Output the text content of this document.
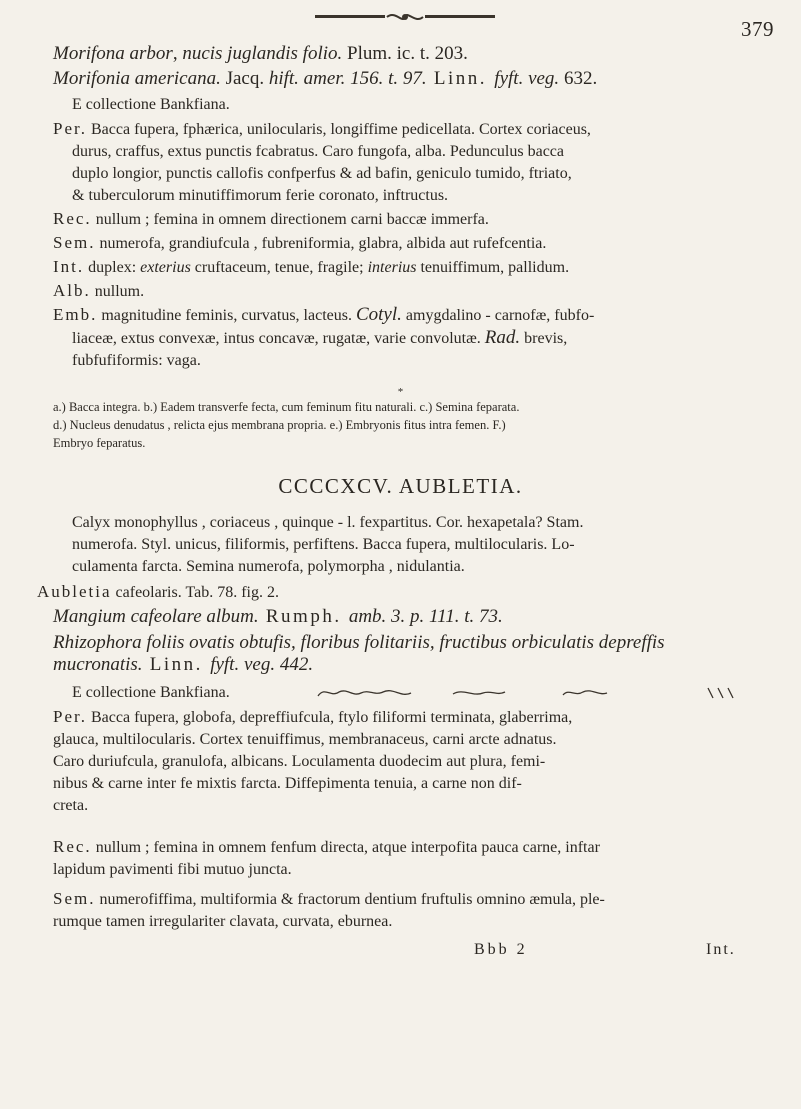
379
Morifona arbor, nucis juglandis folio. Plum. ic. t. 203.
Morifonia americana. Jacq. hift. amer. 156. t. 97. Linn. fyft. veg. 632.
E collectione Bankfiana.
Per. Bacca fupera, fphærica, unilocularis, longiffime pedicellata. Cortex coriaceus,
durus, craffus, extus punctis fcabratus. Caro fungofa, alba. Pedunculus bacca
duplo longior, punctis callofis confperfus & ad bafin, geniculo tumido, ftriato,
& tuberculorum minutiffimorum ferie coronato, inftructus.
Rec. nullum ; femina in omnem directionem carni baccæ immerfa.
Sem. numerofa, grandiufcula , fubreniformia, glabra, albida aut rufefcentia.
Int. duplex: exterius cruftaceum, tenue, fragile; interius tenuiffimum, pallidum.
Alb. nullum.
Emb. magnitudine feminis, curvatus, lacteus. Cotyl. amygdalino - carnofæ, fubfo-
liaceæ, extus convexæ, intus concavæ, rugatæ, varie convolutæ. Rad. brevis,
fubfufiformis: vaga.
*
a.) Bacca integra. b.) Eadem transverfe fecta, cum feminum fitu naturali. c.) Semina feparata.
d.) Nucleus denudatus , relicta ejus membrana propria. e.) Embryonis fitus intra femen. F.)
Embryo feparatus.
CCCCXCV. AUBLETIA.
Calyx monophyllus , coriaceus , quinque - l. fexpartitus. Cor. hexapetala? Stam.
numerofa. Styl. unicus, filiformis, perfiftens. Bacca fupera, multilocularis. Lo-
culamenta farcta. Semina numerofa, polymorpha , nidulantia.
Aubletia cafeolaris. Tab. 78. fig. 2.
Mangium cafeolare album. Rumph. amb. 3. p. 111. t. 73.
Rhizophora foliis ovatis obtufis, floribus folitariis, fructibus orbiculatis depreffis
mucronatis. Linn. fyft. veg. 442.
E collectione Bankfiana.
Per. Bacca fupera, globofa, depreffiufcula, ftylo filiformi terminata, glaberrima,
glauca, multilocularis. Cortex tenuiffimus, membranaceus, carni arcte adnatus.
Caro duriufcula, granulofa, albicans. Loculamenta duodecim aut plura, femi-
nibus & carne inter fe mixtis farcta. Diffepimenta tenuia, a carne non dif-
creta.
Rec. nullum ; femina in omnem fenfum directa, atque interpofita pauca carne, inftar
lapidum pavimenti fibi mutuo juncta.
Sem. numerofiffima, multiformia & fractorum dentium fruftulis omnino æmula, ple-
rumque tamen irregulariter clavata, curvata, eburnea.
Bbb 2	Int.
